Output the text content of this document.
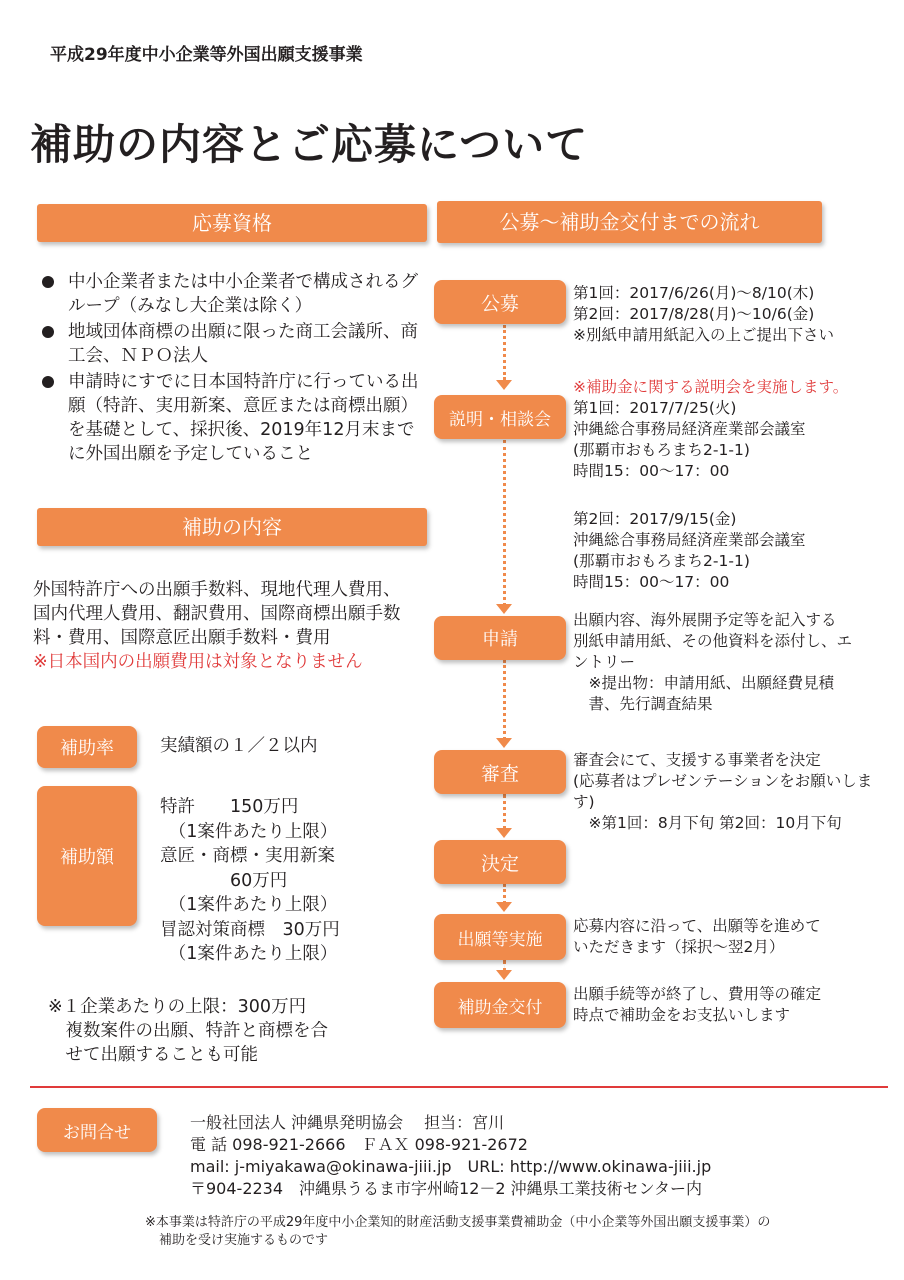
平成29年度中小企業等外国出願支援事業
補助の内容とご応募について
応募資格
中小企業者または中小企業者で構成されるグループ（みなし大企業は除く）
地域団体商標の出願に限った商工会議所、商工会、ＮＰＯ法人
申請時にすでに日本国特許庁に行っている出願（特許、実用新案、意匠または商標出願）を基礎として、採択後、2019年12月末までに外国出願を予定していること
補助の内容
外国特許庁への出願手数料、現地代理人費用、国内代理人費用、翻訳費用、国際商標出願手数料・費用、国際意匠出願手数料・費用
※日本国内の出願費用は対象となりません
補助率	実績額の１／２以内
補助額
特許　　150万円
　（1案件あたり上限）
意匠・商標・実用新案
　　　　60万円
　（1案件あたり上限）
冒認対策商標　30万円
　（1案件あたり上限）
※１企業あたりの上限：300万円
　複数案件の出願、特許と商標を合
　せて出願することも可能
公募～補助金交付までの流れ
公募
説明・相談会
申請
審査
決定
出願等実施
補助金交付
第1回：2017/6/26(月)～8/10(木)
第2回：2017/8/28(月)～10/6(金)
※別紙申請用紙記入の上ご提出下さい
※補助金に関する説明会を実施します。
第1回：2017/7/25(火)
沖縄総合事務局経済産業部会議室
(那覇市おもろまち2-1-1)
時間15：00～17：00
第2回：2017/9/15(金)
沖縄総合事務局経済産業部会議室
(那覇市おもろまち2-1-1)
時間15：00～17：00
出願内容、海外展開予定等を記入する
別紙申請用紙、その他資料を添付し、エ
ントリー
　※提出物：申請用紙、出願経費見積
　書、先行調査結果
審査会にて、支援する事業者を決定
(応募者はプレゼンテーションをお願いしま
す)
　※第1回：8月下旬 第2回：10月下旬
応募内容に沿って、出願等を進めて
いただきます（採択～翌2月）
出願手続等が終了し、費用等の確定
時点で補助金をお支払いします
お問合せ	一般社団法人 沖縄県発明協会　 担当：宮川
電 話 098-921-2666　ＦＡＸ 098-921-2672
mail: j-miyakawa@okinawa-jiii.jp　URL: http://www.okinawa-jiii.jp
〒904-2234　沖縄県うるま市字州崎12－2 沖縄県工業技術センター内
※本事業は特許庁の平成29年度中小企業知的財産活動支援事業費補助金（中小企業等外国出願支援事業）の
補助を受け実施するものです
